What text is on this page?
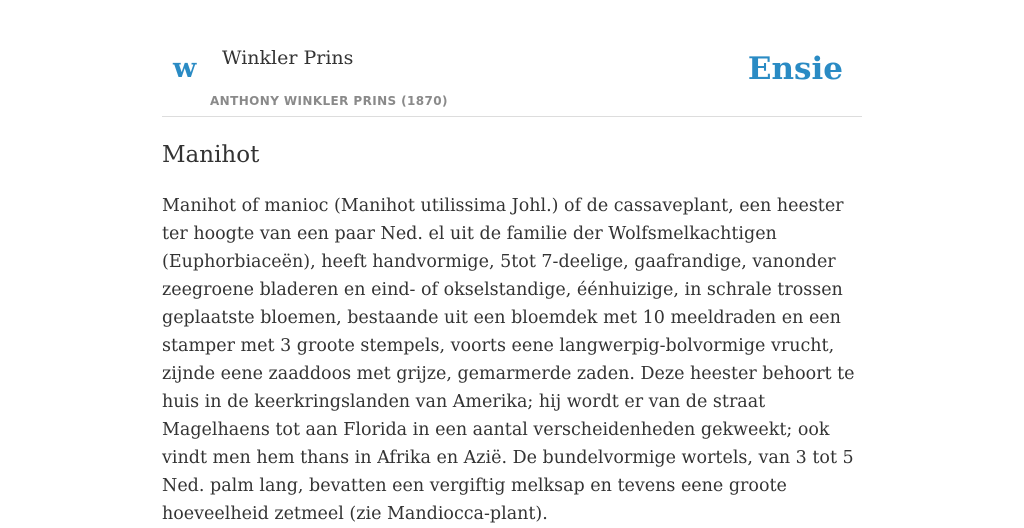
w Winkler Prins
ANTHONY WINKLER PRINS (1870)
Ensie
Manihot

Manihot of manioc (Manihot utilissima Johl.) of de cassaveplant, een heester ter hoogte van een paar Ned. el uit de familie der Wolfsmelkachtigen (Euphorbiaceën), heeft handvormige, 5tot 7-deelige, gaafrandige, vanonder zeegroene bladeren en eind- of okselstandige, éénhuizige, in schrale trossen geplaatste bloemen, bestaande uit een bloemdek met 10 meeldraden en een stamper met 3 groote stempels, voorts eene langwerpig-bolvormige vrucht, zijnde eene zaaddoos met grijze, gemarmerde zaden. Deze heester behoort te huis in de keerkringslanden van Amerika; hij wordt er van de straat Magelhaens tot aan Florida in een aantal verscheidenheden gekweekt; ook vindt men hem thans in Afrika en Azië. De bundelvormige wortels, van 3 tot 5 Ned. palm lang, bevatten een vergiftig melksap en tevens eene groote hoeveelheid zetmeel (zie Mandiocca-plant).
